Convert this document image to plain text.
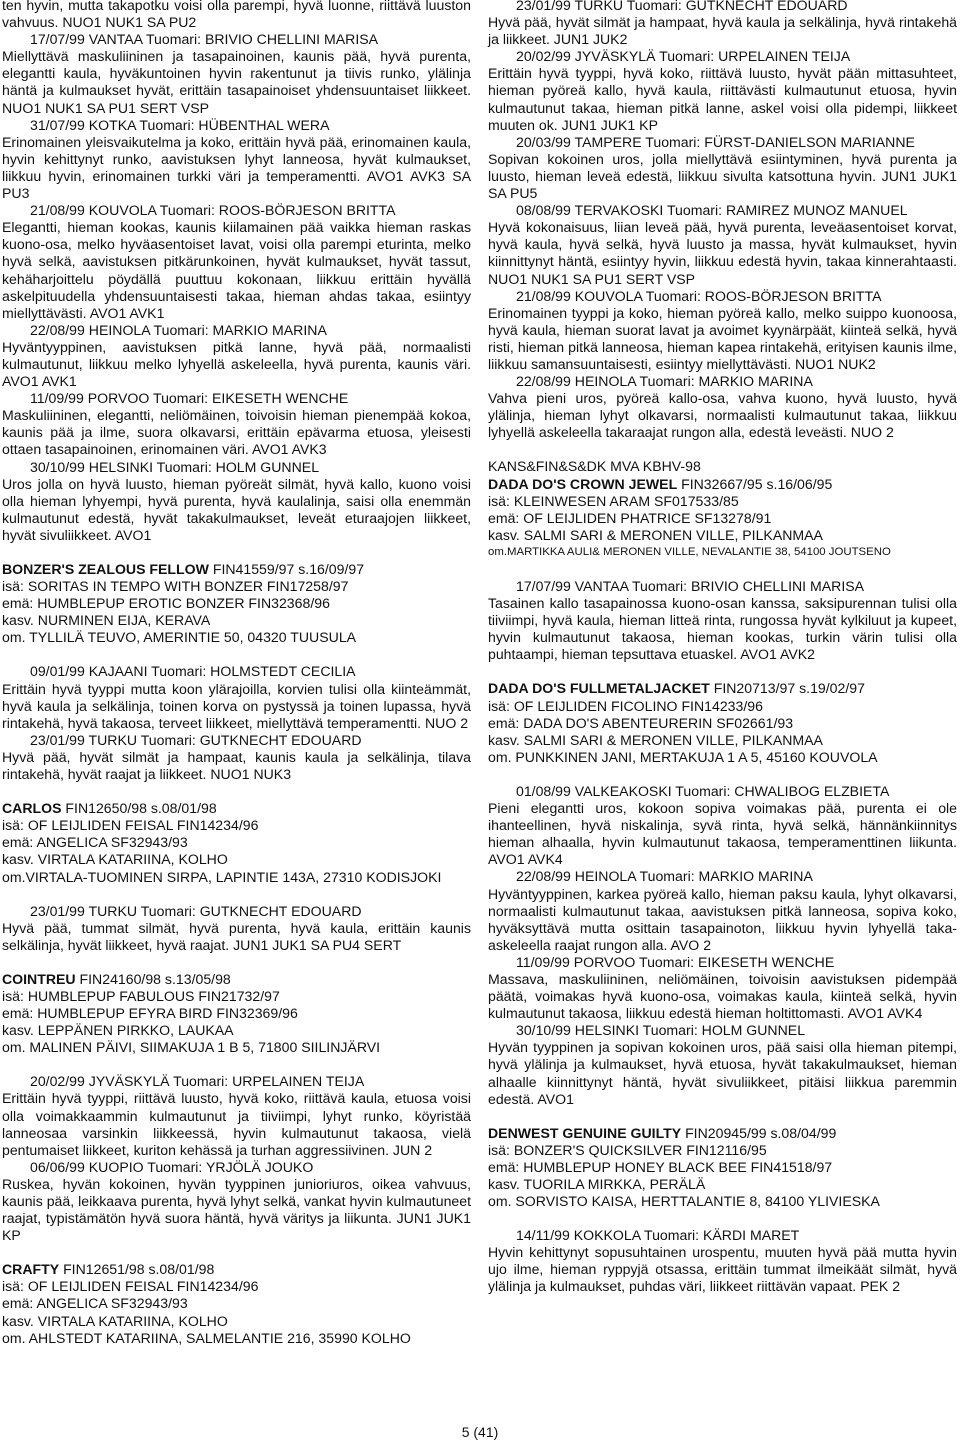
ten hyvin, mutta takapotku voisi olla parempi, hyvä luonne, riittävä luuston vahvuus. NUO1 NUK1 SA PU2
17/07/99 VANTAA Tuomari: BRIVIO CHELLINI MARISA
Miellyttävä maskuliininen ja tasapainoinen, kaunis pää, hyvä purenta, elegantti kaula, hyväkuntoinen hyvin rakentunut ja tiivis runko, ylälinja häntä ja kulmaukset hyvät, erittäin tasapainoiset yhdensuuntaiset liikkeet. NUO1 NUK1 SA PU1 SERT VSP
31/07/99 KOTKA Tuomari: HÜBENTHAL WERA
Erinomainen yleisvaikutelma ja koko, erittäin hyvä pää, erinomainen kaula, hyvin kehittynyt runko, aavistuksen lyhyt lanneosa, hyvät kulmaukset, liikkuu hyvin, erinomainen turkki väri ja temperamentti. AVO1 AVK3 SA PU3
21/08/99 KOUVOLA Tuomari: ROOS-BÖRJESON BRITTA
Elegantti, hieman kookas, kaunis kiilamainen pää vaikka hieman raskas kuono-osa, melko hyväasentoiset lavat, voisi olla parempi eturinta, melko hyvä selkä, aavistuksen pitkärunkoinen, hyvät kulmaukset, hyvät tassut, kehäharjoittelu pöydällä puuttuu kokonaan, liikkuu erittäin hyvällä askelpituudella yhdensuuntaisesti takaa, hieman ahdas takaa, esiintyy miellyttävästi. AVO1 AVK1
22/08/99 HEINOLA Tuomari: MARKIO MARINA
Hyväntyyppinen, aavistuksen pitkä lanne, hyvä pää, normaalisti kulmautunut, liikkuu melko lyhyellä askeleella, hyvä purenta, kaunis väri. AVO1 AVK1
11/09/99 PORVOO Tuomari: EIKESETH WENCHE
Maskuliininen, elegantti, neliömäinen, toivoisin hieman pienempää kokoa, kaunis pää ja ilme, suora olkavarsi, erittäin epävarma etuosa, yleisesti ottaen tasapainoinen, erinomainen väri. AVO1 AVK3
30/10/99 HELSINKI Tuomari: HOLM GUNNEL
Uros jolla on hyvä luusto, hieman pyöreät silmät, hyvä kallo, kuono voisi olla hieman lyhyempi, hyvä purenta, hyvä kaulalinja, saisi olla enemmän kulmautunut edestä, hyvät takakulmaukset, leveät eturaajojen liikkeet, hyvät sivuliikkeet. AVO1
BONZER'S ZEALOUS FELLOW FIN41559/97 s.16/09/97
isä: SORITAS IN TEMPO WITH BONZER FIN17258/97
emä: HUMBLEPUP EROTIC BONZER FIN32368/96
kasv. NURMINEN EIJA, KERAVA
om. TYLLILÄ TEUVO, AMERINTIE 50, 04320 TUUSULA
09/01/99 KAJAANI Tuomari: HOLMSTEDT CECILIA
Erittäin hyvä tyyppi mutta koon ylärajoilla, korvien tulisi olla kiinteämmät, hyvä kaula ja selkälinja, toinen korva on pystyssä ja toinen lupassa, hyvä rintakehä, hyvä takaosa, terveet liikkeet, miellyttävä temperamentti. NUO 2
23/01/99 TURKU Tuomari: GUTKNECHT EDOUARD
Hyvä pää, hyvät silmät ja hampaat, kaunis kaula ja selkälinja, tilava rintakehä, hyvät raajat ja liikkeet. NUO1 NUK3
CARLOS FIN12650/98 s.08/01/98
isä: OF LEIJLIDEN FEISAL FIN14234/96
emä: ANGELICA SF32943/93
kasv. VIRTALA KATARIINA, KOLHO
om.VIRTALA-TUOMINEN SIRPA, LAPINTIE 143A, 27310 KODISJOKI
23/01/99 TURKU Tuomari: GUTKNECHT EDOUARD
Hyvä pää, tummat silmät, hyvä purenta, hyvä kaula, erittäin kaunis selkälinja, hyvät liikkeet, hyvä raajat. JUN1 JUK1 SA PU4 SERT
COINTREU FIN24160/98 s.13/05/98
isä: HUMBLEPUP FABULOUS FIN21732/97
emä: HUMBLEPUP EFYRA BIRD FIN32369/96
kasv. LEPPÄNEN PIRKKO, LAUKAA
om. MALINEN PÄIVI, SIIMAKUJA 1 B 5, 71800 SIILINJÄRVI
20/02/99 JYVÄSKYLÄ Tuomari: URPELAINEN TEIJA
Erittäin hyvä tyyppi, riittävä luusto, hyvä koko, riittävä kaula, etuosa voisi olla voimakkaammin kulmautunut ja tiiviimpi, lyhyt runko, köyristää lanneosaa varsinkin liikkeessä, hyvin kulmautunut takaosa, vielä pentumaiset liikkeet, kuriton kehässä ja turhan aggressiivinen. JUN 2
06/06/99 KUOPIO Tuomari: YRJÖLÄ JOUKO
Ruskea, hyvän kokoinen, hyvän tyyppinen junioriuros, oikea vahvuus, kaunis pää, leikkaava purenta, hyvä lyhyt selkä, vankat hyvin kulmautuneet raajat, typistämätön hyvä suora häntä, hyvä väritys ja liikunta. JUN1 JUK1 KP
CRAFTY FIN12651/98 s.08/01/98
isä: OF LEIJLIDEN FEISAL FIN14234/96
emä: ANGELICA SF32943/93
kasv. VIRTALA KATARIINA, KOLHO
om. AHLSTEDT KATARIINA, SALMELANTIE 216, 35990 KOLHO
23/01/99 TURKU Tuomari: GUTKNECHT EDOUARD
Hyvä pää, hyvät silmät ja hampaat, hyvä kaula ja selkälinja, hyvä rintakehä ja liikkeet. JUN1 JUK2
20/02/99 JYVÄSKYLÄ Tuomari: URPELAINEN TEIJA
Erittäin hyvä tyyppi, hyvä koko, riittävä luusto, hyvät pään mittasuhteet, hieman pyöreä kallo, hyvä kaula, riittävästi kulmautunut etuosa, hyvin kulmautunut takaa, hieman pitkä lanne, askel voisi olla pidempi, liikkeet muuten ok. JUN1 JUK1 KP
20/03/99 TAMPERE Tuomari: FÜRST-DANIELSON MARIANNE
Sopivan kokoinen uros, jolla miellyttävä esiintyminen, hyvä purenta ja luusto, hieman leveä edestä, liikkuu sivulta katsottuna hyvin. JUN1 JUK1 SA PU5
08/08/99 TERVAKOSKI Tuomari: RAMIREZ MUNOZ MANUEL
Hyvä kokonaisuus, liian leveä pää, hyvä purenta, leveäasentoiset korvat, hyvä kaula, hyvä selkä, hyvä luusto ja massa, hyvät kulmaukset, hyvin kiinnittynyt häntä, esiintyy hyvin, liikkuu edestä hyvin, takaa kinnerahtaasti. NUO1 NUK1 SA PU1 SERT VSP
21/08/99 KOUVOLA Tuomari: ROOS-BÖRJESON BRITTA
Erinomainen tyyppi ja koko, hieman pyöreä kallo, melko suippo kuonoosa, hyvä kaula, hieman suorat lavat ja avoimet kyynärpäät, kiinteä selkä, hyvä risti, hieman pitkä lanneosa, hieman kapea rintakehä, erityisen kaunis ilme, liikkuu samansuuntaisesti, esiintyy miellyttävästi. NUO1 NUK2
22/08/99 HEINOLA Tuomari: MARKIO MARINA
Vahva pieni uros, pyöreä kallo-osa, vahva kuono, hyvä luusto, hyvä ylälinja, hieman lyhyt olkavarsi, normaalisti kulmautunut takaa, liikkuu lyhyellä askeleella takaraajat rungon alla, edestä leveästi. NUO 2
KANS&FIN&S&DK MVA KBHV-98
DADA DO'S CROWN JEWEL FIN32667/95 s.16/06/95
isä: KLEINWESEN ARAM SF017533/85
emä: OF LEIJLIDEN PHATRICE SF13278/91
kasv. SALMI SARI & MERONEN VILLE, PILKANMAA
om.MARTIKKA AULI& MERONEN VILLE, NEVALANTIE 38, 54100 JOUTSENO
17/07/99 VANTAA Tuomari: BRIVIO CHELLINI MARISA
Tasainen kallo tasapainossa kuono-osan kanssa, saksipurennan tulisi olla tiiviimpi, hyvä kaula, hieman litteä rinta, rungossa hyvät kylkiluut ja kupeet, hyvin kulmautunut takaosa, hieman kookas, turkin värin tulisi olla puhtaampi, hieman tepsuttava etuaskel. AVO1 AVK2
DADA DO'S FULLMETALJACKET FIN20713/97 s.19/02/97
isä: OF LEIJLIDEN FICOLINO FIN14233/96
emä: DADA DO'S ABENTEURERIN SF02661/93
kasv. SALMI SARI & MERONEN VILLE, PILKANMAA
om. PUNKKINEN JANI, MERTAKUJA 1 A 5, 45160 KOUVOLA
01/08/99 VALKEAKOSKI Tuomari: CHWALIBOG ELZBIETA
Pieni elegantti uros, kokoon sopiva voimakas pää, purenta ei ole ihanteellinen, hyvä niskalinja, syvä rinta, hyvä selkä, hännänkiinnitys hieman alhaalla, hyvin kulmautunut takaosa, temperamenttinen liikunta. AVO1 AVK4
22/08/99 HEINOLA Tuomari: MARKIO MARINA
Hyväntyyppinen, karkea pyöreä kallo, hieman paksu kaula, lyhyt olkavarsi, normaalisti kulmautunut takaa, aavistuksen pitkä lanneosa, sopiva koko, hyväksyttävä mutta osittain tasapainoton, liikkuu hyvin lyhyellä taka-askeleella raajat rungon alla. AVO 2
11/09/99 PORVOO Tuomari: EIKESETH WENCHE
Massava, maskuliininen, neliömäinen, toivoisin aavistuksen pidempää päätä, voimakas hyvä kuono-osa, voimakas kaula, kiinteä selkä, hyvin kulmautunut takaosa, liikkuu edestä hieman holtittomasti. AVO1 AVK4
30/10/99 HELSINKI Tuomari: HOLM GUNNEL
Hyvän tyyppinen ja sopivan kokoinen uros, pää saisi olla hieman pitempi, hyvä ylälinja ja kulmaukset, hyvä etuosa, hyvät takakulmaukset, hieman alhaalle kiinnittynyt häntä, hyvät sivuliikkeet, pitäisi liikkua paremmin edestä. AVO1
DENWEST GENUINE GUILTY FIN20945/99 s.08/04/99
isä: BONZER'S QUICKSILVER FIN12116/95
emä: HUMBLEPUP HONEY BLACK BEE FIN41518/97
kasv. TUORILA MIRKKA, PERÄLÄ
om. SORVISTO KAISA, HERTTALANTIE 8, 84100 YLIVIESKA
14/11/99 KOKKOLA Tuomari: KÄRDI MARET
Hyvin kehittynyt sopusuhtainen urospentu, muuten hyvä pää mutta hyvin ujo ilme, hieman ryppyjä otsassa, erittäin tummat ilmeikäät silmät, hyvä ylälinja ja kulmaukset, puhdas väri, liikkeet riittävän vapaat. PEK 2
5 (41)
